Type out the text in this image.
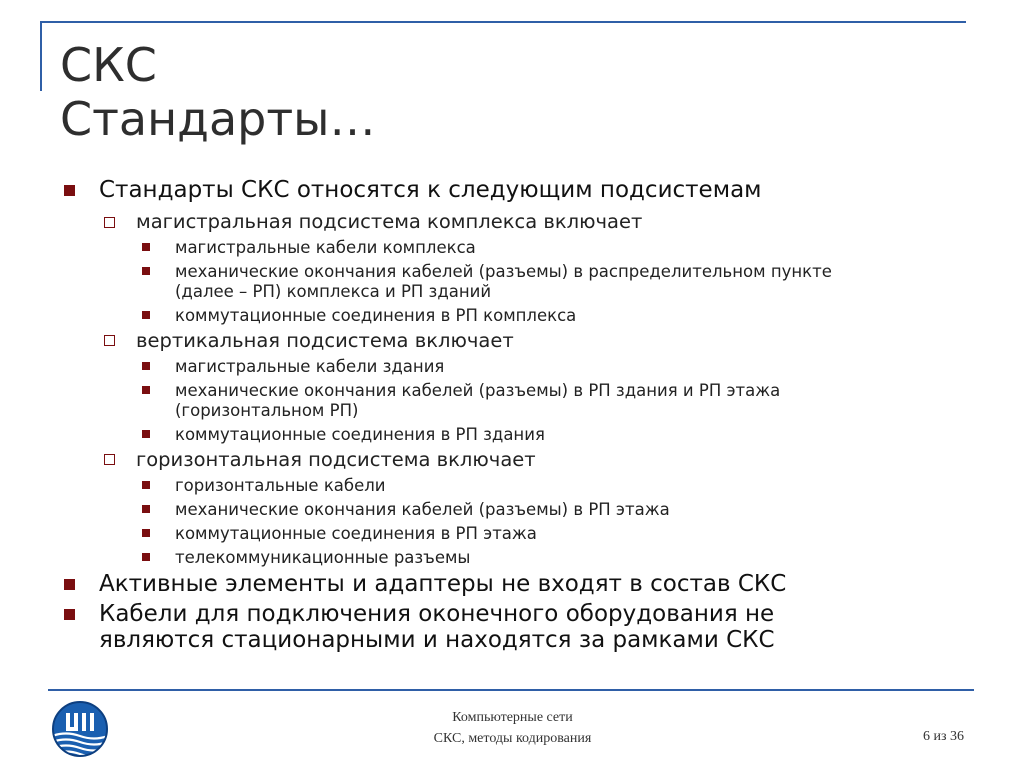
СКС
Стандарты…
Стандарты СКС относятся к следующим подсистемам
магистральная подсистема комплекса включает
магистральные кабели комплекса
механические окончания кабелей (разъемы) в распределительном пункте
(далее – РП) комплекса и РП зданий
коммутационные соединения в РП комплекса
вертикальная подсистема включает
магистральные кабели здания
механические окончания кабелей (разъемы) в РП здания и РП этажа
(горизонтальном РП)
коммутационные соединения в РП здания
горизонтальная подсистема включает
горизонтальные кабели
механические окончания кабелей (разъемы) в РП этажа
коммутационные соединения в РП этажа
телекоммуникационные разъемы
Активные элементы и адаптеры не входят в состав СКС
Кабели для подключения оконечного оборудования не
являются стационарными и находятся за рамками СКС
Компьютерные сети
СКС, методы кодирования	6 из 36
